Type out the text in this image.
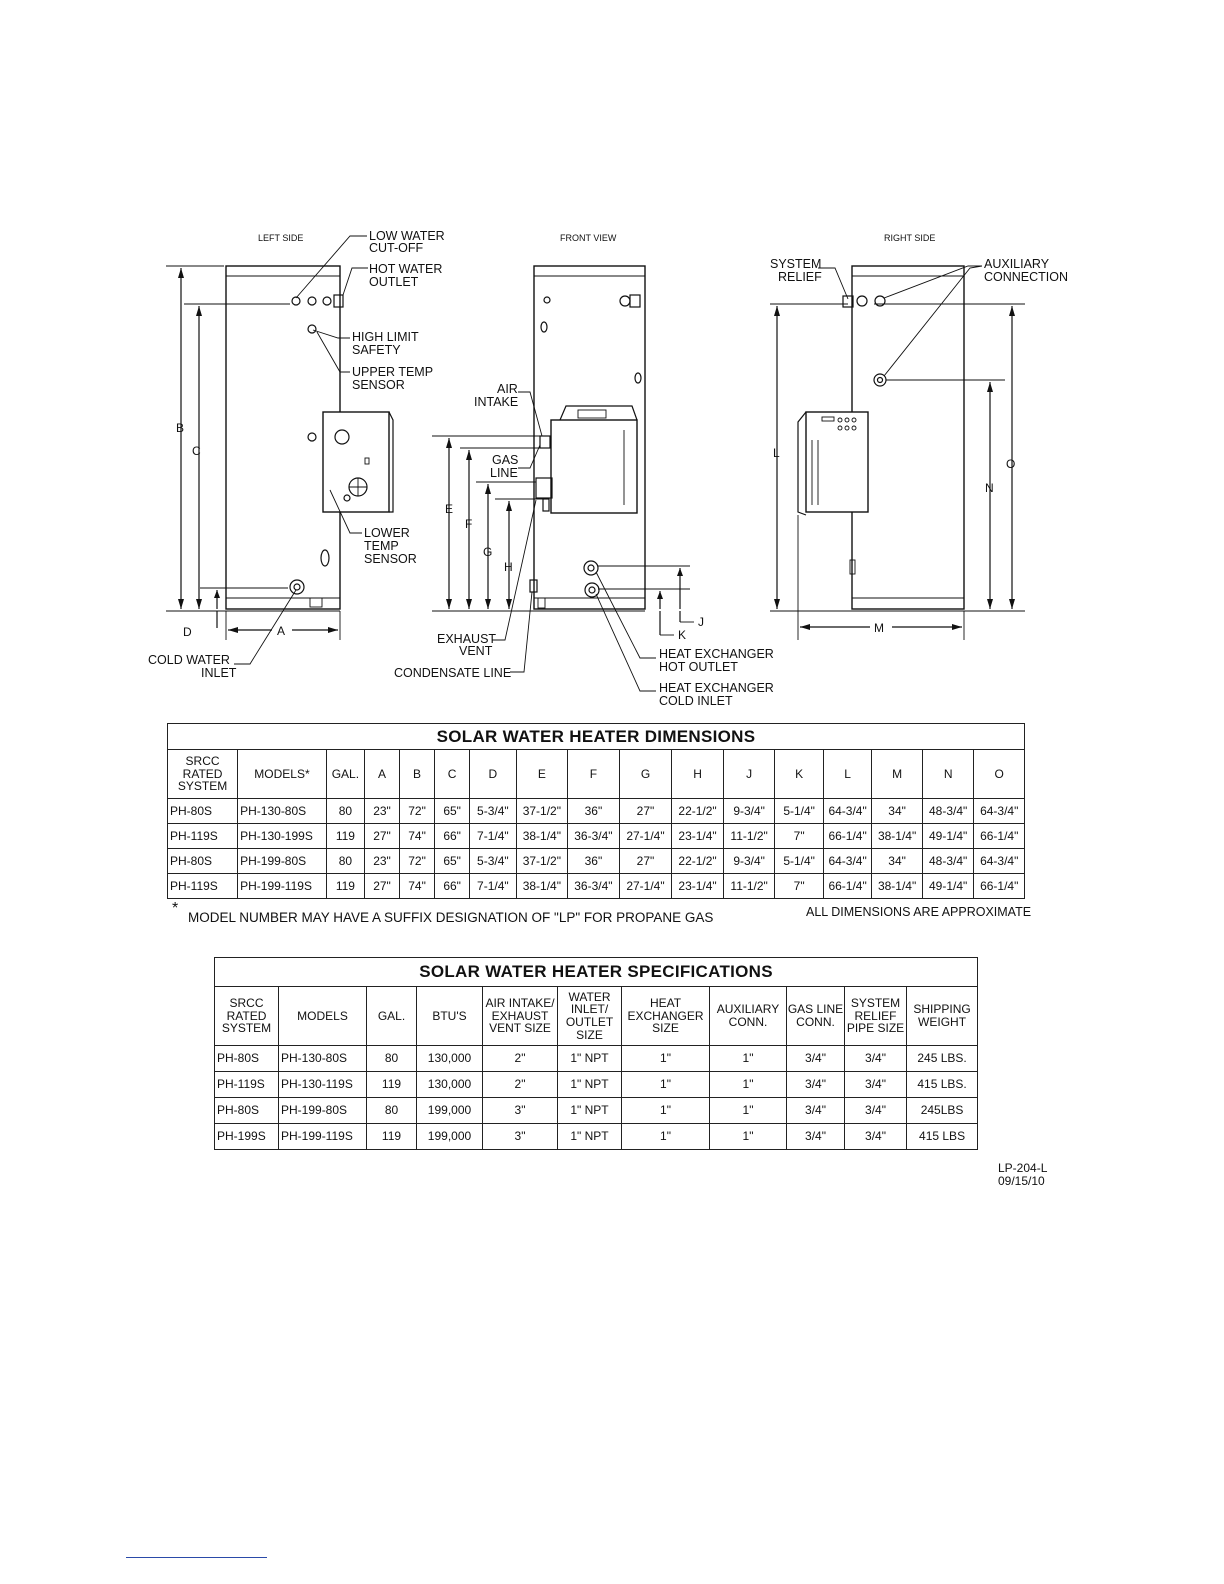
LEFT SIDE	FRONT VIEW	RIGHT SIDE
B
C
D	A
LOW WATER
CUT-OFF
HOT WATER
OUTLET
HIGH LIMIT
SAFETY
UPPER TEMP
SENSOR
LOWER
TEMP
SENSOR
COLD WATER
INLET
E
F
G
H
J
K
AIR
INTAKE
GAS
LINE
EXHAUST
VENT
CONDENSATE LINE
HEAT EXCHANGER
HOT OUTLET
HEAT EXCHANGER
COLD INLET
L
N
O
M
SYSTEM
RELIEF
AUXILIARY
CONNECTION
SOLAR WATER HEATER DIMENSIONS																
SRCC RATED SYSTEM	MODELS*	GAL.	A	B	C	D	E	F	G	H	J	K	L	M	N	O
PH-80S	PH-130-80S	80	23"	72"	65"	5-3/4"	37-1/2"	36"	27"	22-1/2"	9-3/4"	5-1/4"	64-3/4"	34"	48-3/4"	64-3/4"
PH-119S	PH-130-199S	119	27"	74"	66"	7-1/4"	38-1/4"	36-3/4"	27-1/4"	23-1/4"	11-1/2"	7"	66-1/4"	38-1/4"	49-1/4"	66-1/4"
PH-80S	PH-199-80S	80	23"	72"	65"	5-3/4"	37-1/2"	36"	27"	22-1/2"	9-3/4"	5-1/4"	64-3/4"	34"	48-3/4"	64-3/4"
PH-119S	PH-199-119S	119	27"	74"	66"	7-1/4"	38-1/4"	36-3/4"	27-1/4"	23-1/4"	11-1/2"	7"	66-1/4"	38-1/4"	49-1/4"	66-1/4"
*
MODEL NUMBER MAY HAVE A SUFFIX DESIGNATION OF "LP" FOR PROPANE GAS	ALL DIMENSIONS ARE APPROXIMATE
SOLAR WATER HEATER SPECIFICATIONS										
SRCC RATED SYSTEM	MODELS	GAL.	BTU'S	AIR INTAKE/ EXHAUST VENT SIZE	WATER INLET/ OUTLET SIZE	HEAT EXCHANGER SIZE	AUXILIARY CONN.	GAS LINE CONN.	SYSTEM RELIEF PIPE SIZE	SHIPPING WEIGHT
PH-80S	PH-130-80S	80	130,000	2"	1" NPT	1"	1"	3/4"	3/4"	245 LBS.
PH-119S	PH-130-119S	119	130,000	2"	1" NPT	1"	1"	3/4"	3/4"	415 LBS.
PH-80S	PH-199-80S	80	199,000	3"	1" NPT	1"	1"	3/4"	3/4"	245LBS
PH-199S	PH-199-119S	119	199,000	3"	1" NPT	1"	1"	3/4"	3/4"	415 LBS
LP-204-L
09/15/10
